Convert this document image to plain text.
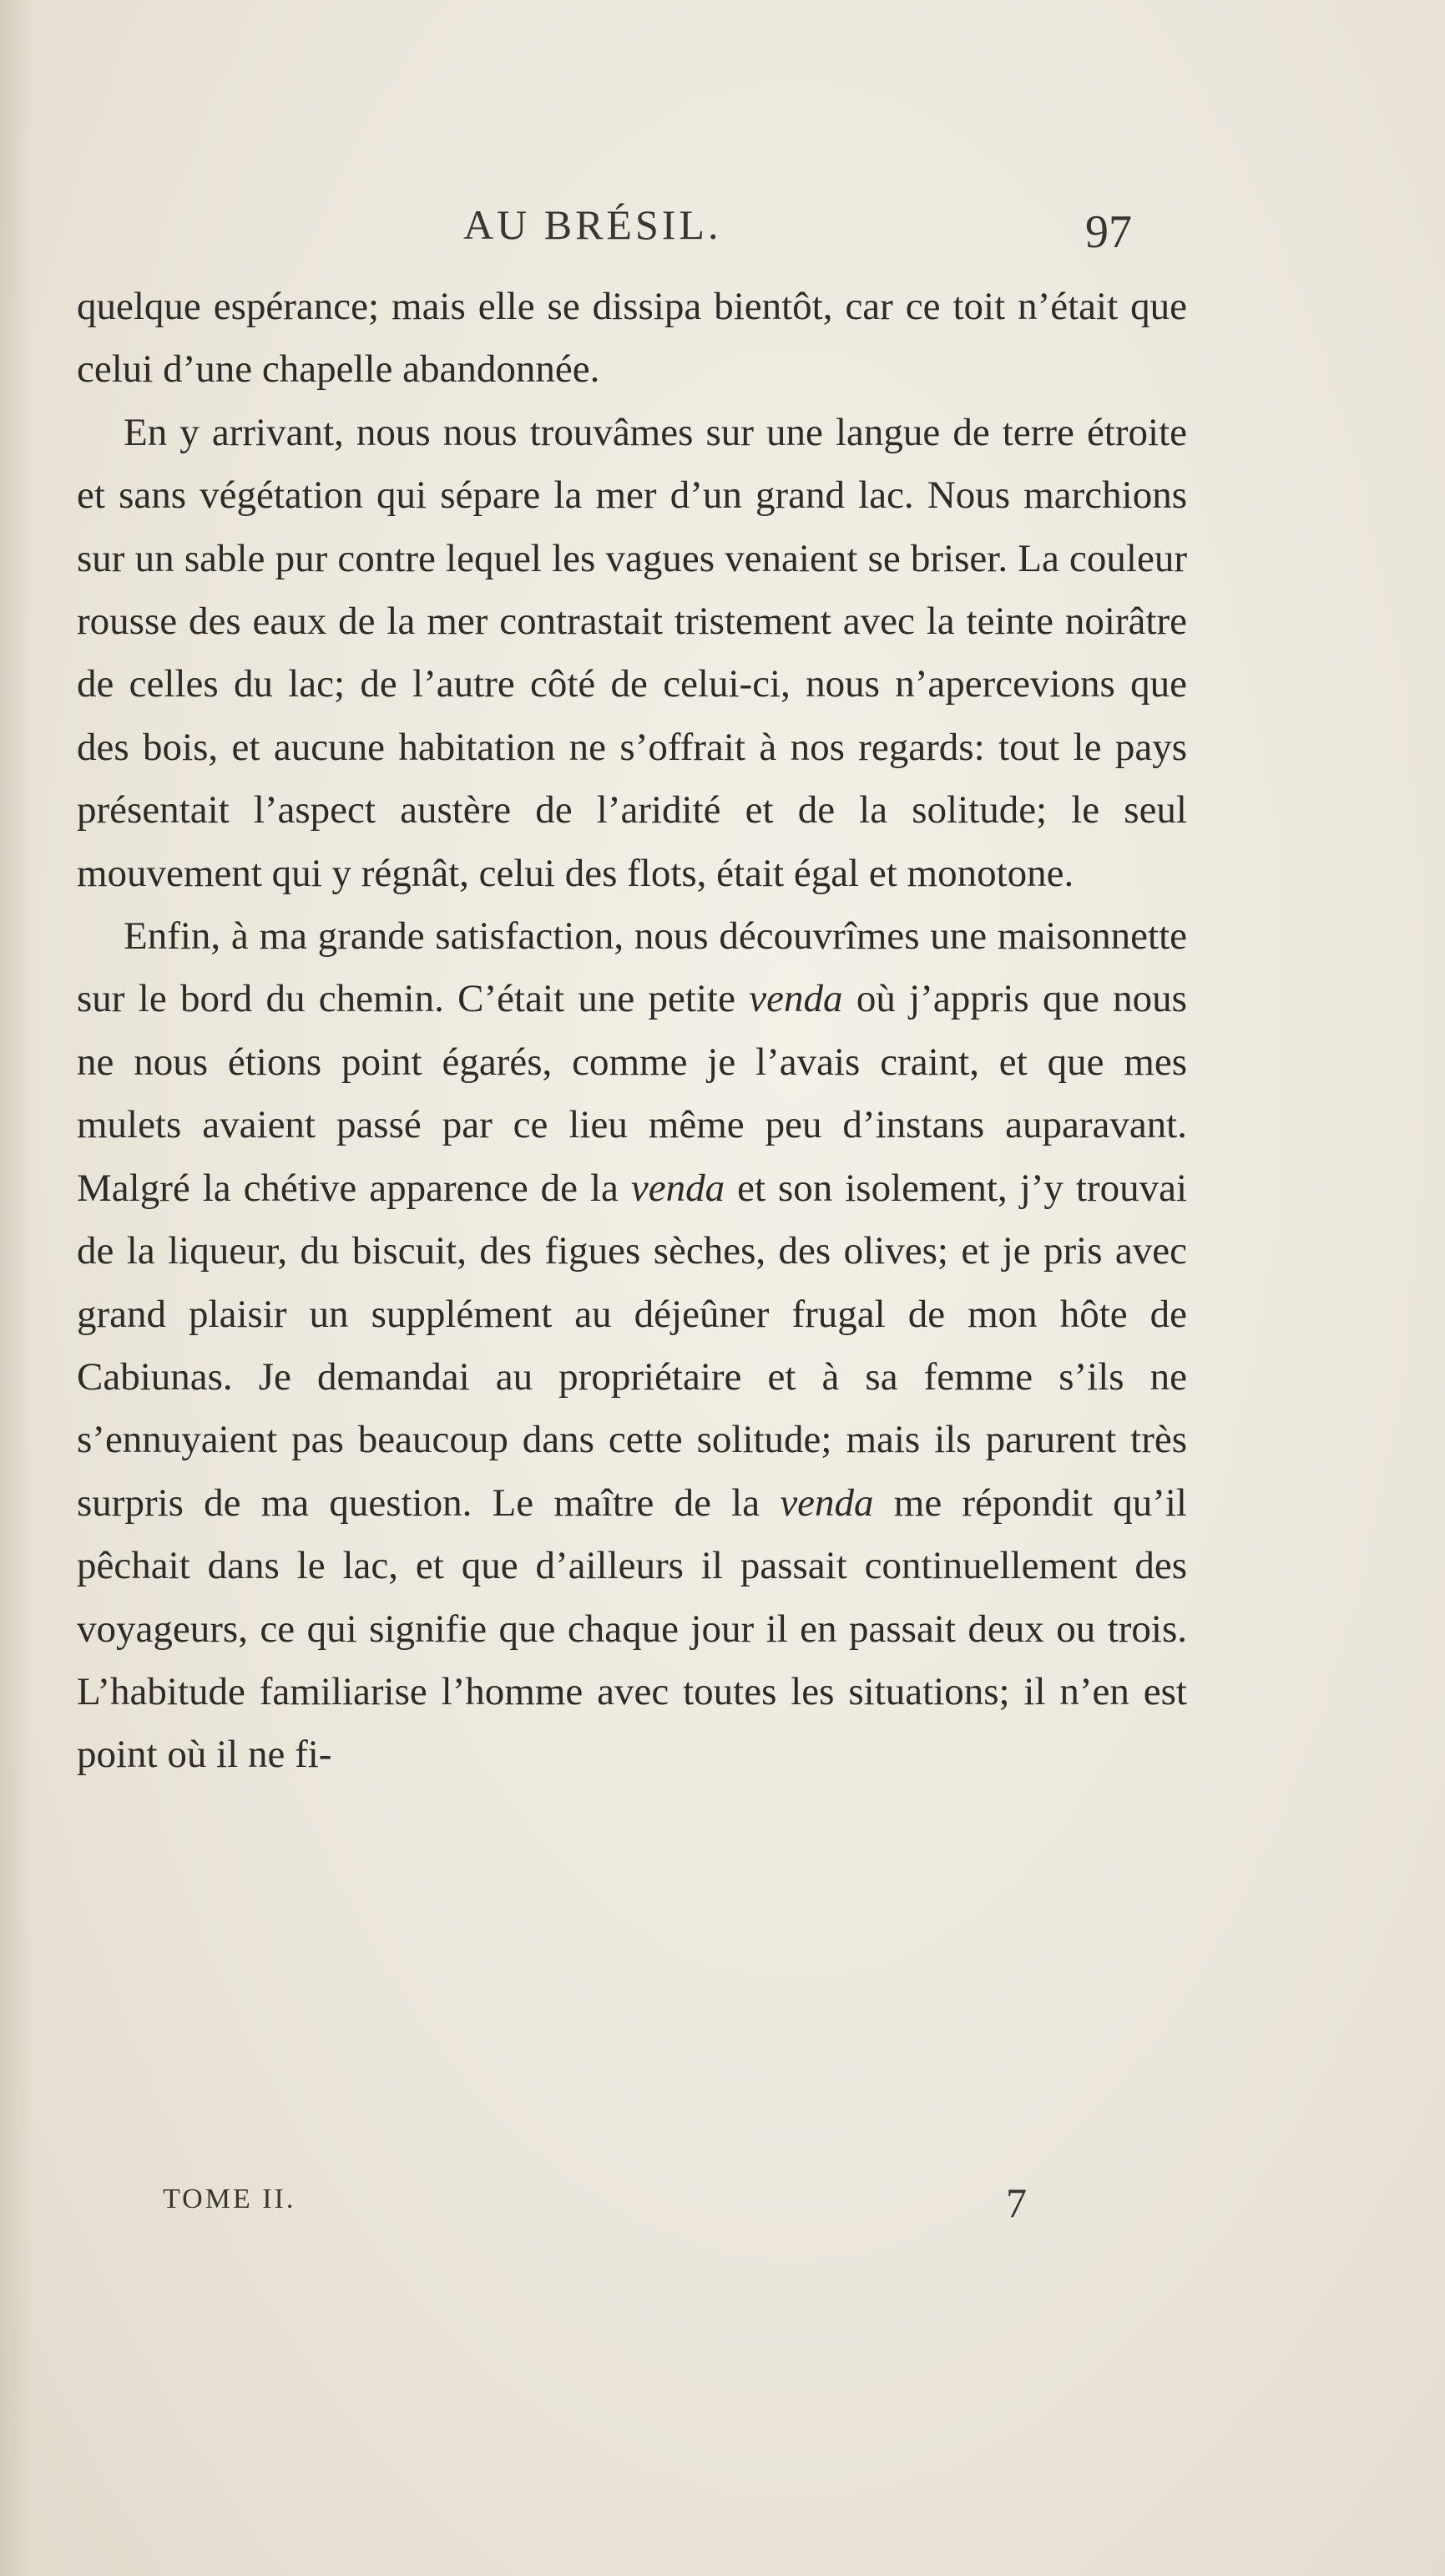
AU BRÉSIL.	97

quelque espérance; mais elle se dissipa bientôt, car ce toit n’était que celui d’une chapelle abandonnée.

En y arrivant, nous nous trouvâmes sur une langue de terre étroite et sans végétation qui sépare la mer d’un grand lac. Nous marchions sur un sable pur contre lequel les vagues venaient se briser. La couleur rousse des eaux de la mer contrastait tristement avec la teinte noirâtre de celles du lac; de l’autre côté de celui-ci, nous n’apercevions que des bois, et aucune habitation ne s’offrait à nos regards: tout le pays présentait l’aspect austère de l’aridité et de la solitude; le seul mouvement qui y régnât, celui des flots, était égal et monotone.

Enfin, à ma grande satisfaction, nous découvrîmes une maisonnette sur le bord du chemin. C’était une petite venda où j’appris que nous ne nous étions point égarés, comme je l’avais craint, et que mes mulets avaient passé par ce lieu même peu d’instans auparavant. Malgré la chétive apparence de la venda et son isolement, j’y trouvai de la liqueur, du biscuit, des figues sèches, des olives; et je pris avec grand plaisir un supplément au déjeûner frugal de mon hôte de Cabiunas. Je demandai au propriétaire et à sa femme s’ils ne s’ennuyaient pas beaucoup dans cette solitude; mais ils parurent très surpris de ma question. Le maître de la venda me répondit qu’il pêchait dans le lac, et que d’ailleurs il passait continuellement des voyageurs, ce qui signifie que chaque jour il en passait deux ou trois. L’habitude familiarise l’homme avec toutes les situations; il n’en est point où il ne fi-

TOME II.	7
